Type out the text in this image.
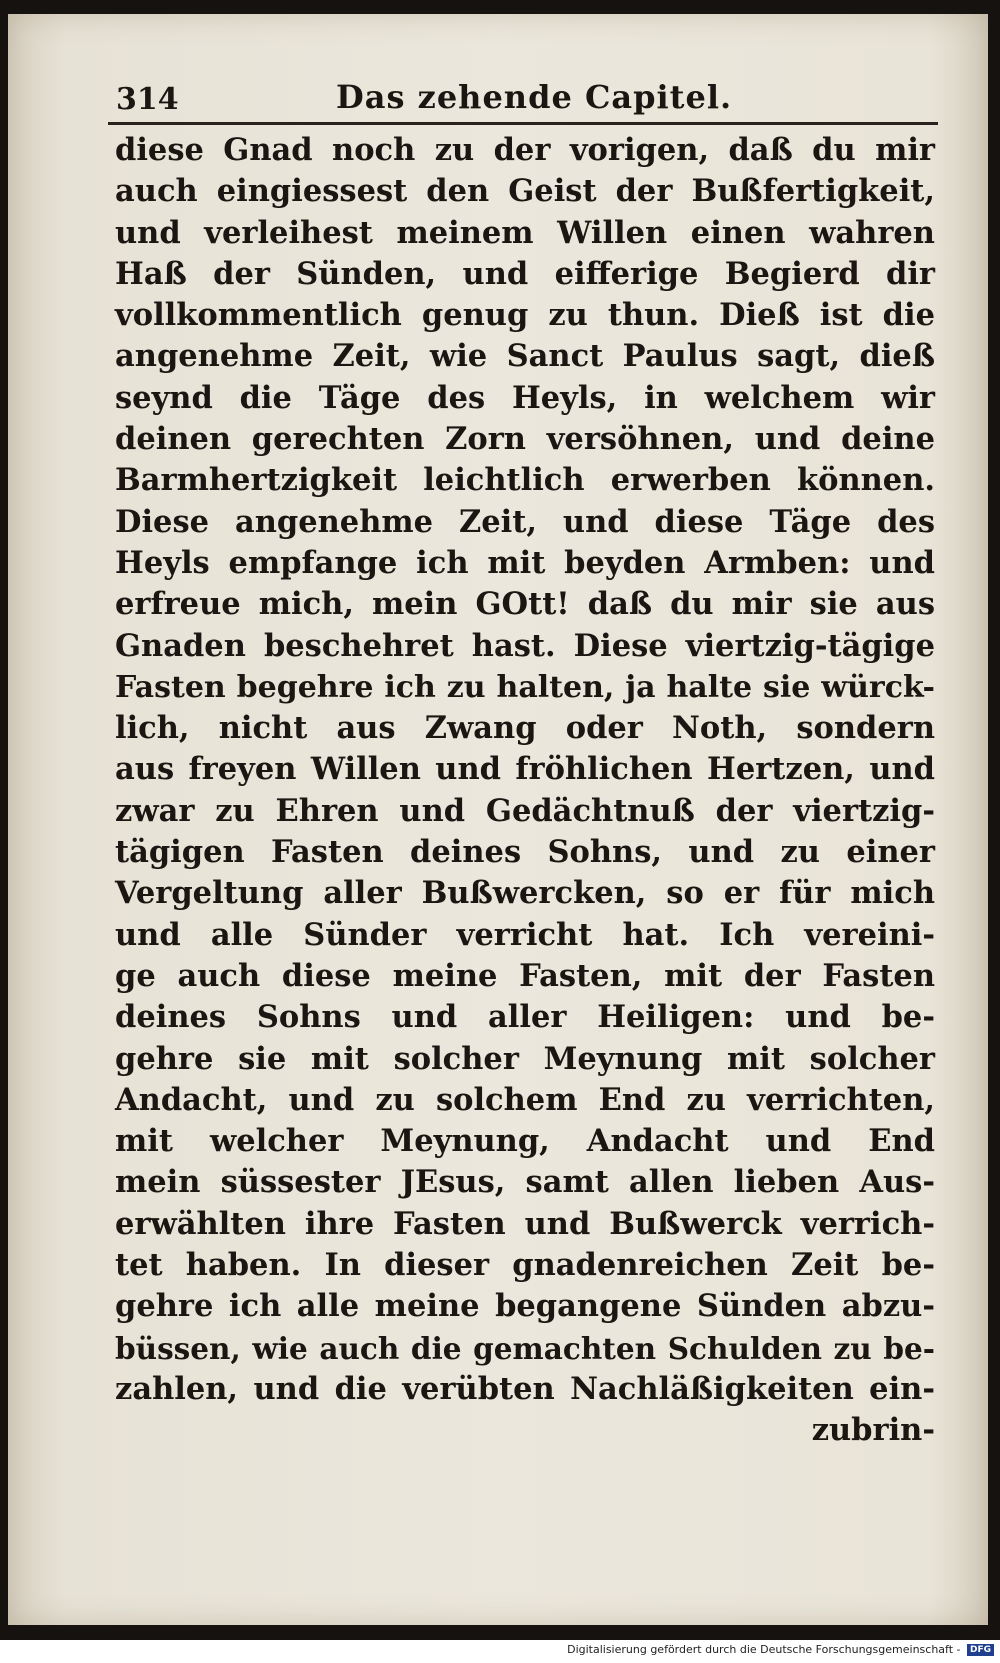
314	Das zehende Capitel.
diese Gnad noch zu der vorigen, daß du mir
auch eingiessest den Geist der Bußfertigkeit,
und verleihest meinem Willen einen wahren
Haß der Sünden, und eifferige Begierd dir
vollkommentlich genug zu thun. Dieß ist die
angenehme Zeit, wie Sanct Paulus sagt, dieß
seynd die Täge des Heyls, in welchem wir
deinen gerechten Zorn versöhnen, und deine
Barmhertzigkeit leichtlich erwerben können.
Diese angenehme Zeit, und diese Täge des
Heyls empfange ich mit beyden Armben: und
erfreue mich, mein GOtt! daß du mir sie aus
Gnaden beschehret hast. Diese viertzig-tägige
Fasten begehre ich zu halten, ja halte sie würck-
lich, nicht aus Zwang oder Noth, sondern
aus freyen Willen und fröhlichen Hertzen, und
zwar zu Ehren und Gedächtnuß der viertzig-
tägigen Fasten deines Sohns, und zu einer
Vergeltung aller Bußwercken, so er für mich
und alle Sünder verricht hat. Ich vereini-
ge auch diese meine Fasten, mit der Fasten
deines Sohns und aller Heiligen: und be-
gehre sie mit solcher Meynung mit solcher
Andacht, und zu solchem End zu verrichten,
mit welcher Meynung, Andacht und End
mein süssester JEsus, samt allen lieben Aus-
erwählten ihre Fasten und Bußwerck verrich-
tet haben. In dieser gnadenreichen Zeit be-
gehre ich alle meine begangene Sünden abzu-
büssen, wie auch die gemachten Schulden zu be-
zahlen, und die verübten Nachläßigkeiten ein-
zubrin-
Digitalisierung gefördert durch die Deutsche Forschungsgemeinschaft - DFG
